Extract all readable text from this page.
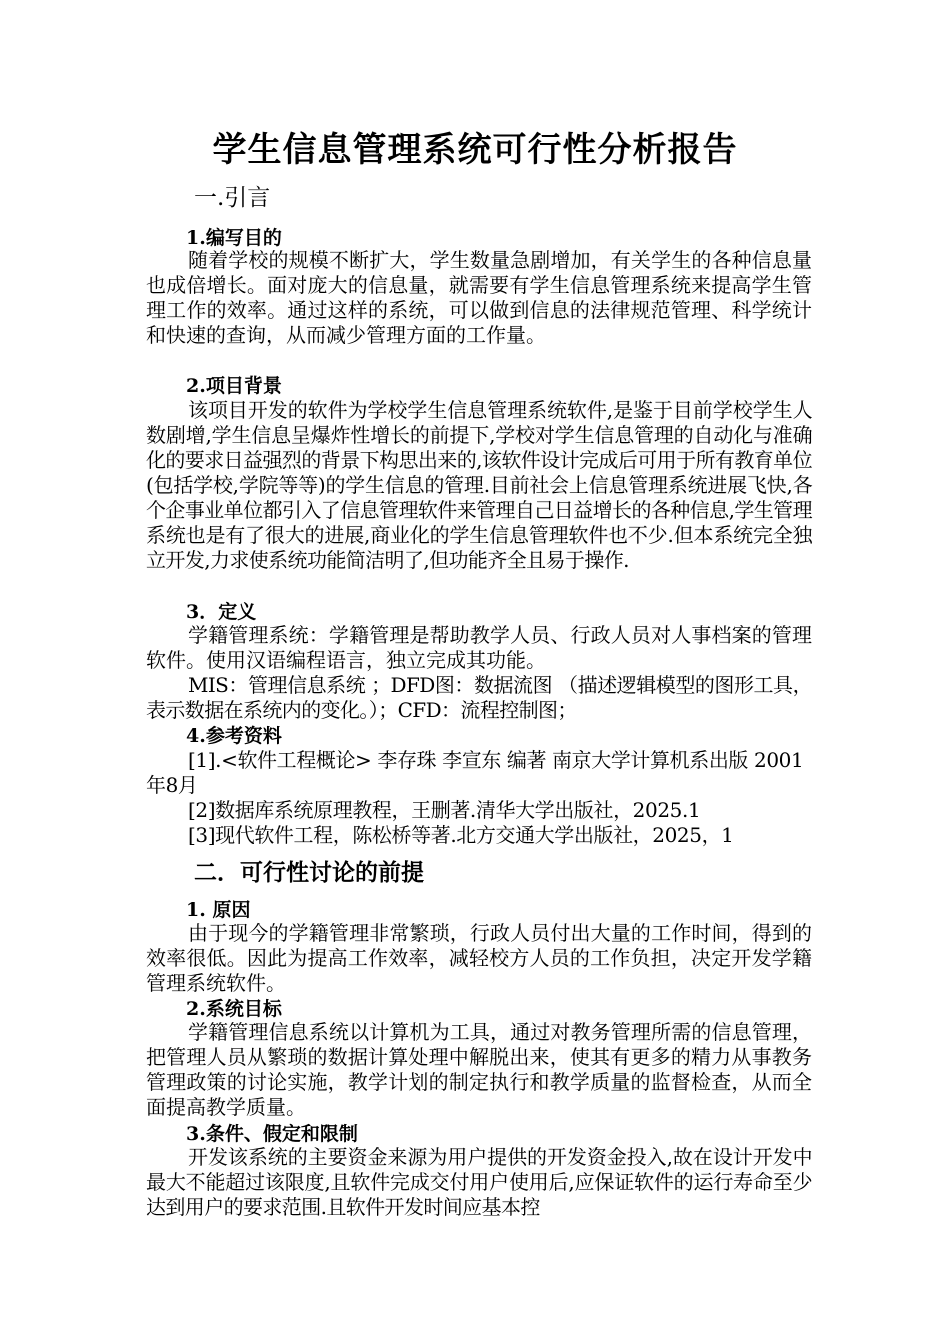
学生信息管理系统可行性分析报告
一.引言
1.编写目的

随着学校的规模不断扩大，学生数量急剧增加，有关学生的各种信息量也成倍增长。面对庞大的信息量，就需要有学生信息管理系统来提高学生管理工作的效率。通过这样的系统，可以做到信息的法律规范管理、科学统计和快速的查询，从而减少管理方面的工作量。

2.项目背景

该项目开发的软件为学校学生信息管理系统软件,是鉴于目前学校学生人数剧增,学生信息呈爆炸性增长的前提下,学校对学生信息管理的自动化与准确化的要求日益强烈的背景下构思出来的,该软件设计完成后可用于所有教育单位(包括学校,学院等等)的学生信息的管理.目前社会上信息管理系统进展飞快,各个企事业单位都引入了信息管理软件来管理自己日益增长的各种信息,学生管理系统也是有了很大的进展,商业化的学生信息管理软件也不少.但本系统完全独立开发,力求使系统功能简洁明了,但功能齐全且易于操作.

3．定义

学籍管理系统：学籍管理是帮助教学人员、行政人员对人事档案的管理软件。使用汉语编程语言，独立完成其功能。

MIS：管理信息系统 ；DFD图：数据流图 （描述逻辑模型的图形工具， 表示数据在系统内的变化。）；CFD：流程控制图；

4.参考资料

[1].<软件工程概论> 李存珠 李宣东 编著 南京大学计算机系出版 2001年8月

[2]数据库系统原理教程，王删著.清华大学出版社，2025.1

[3]现代软件工程，陈松桥等著.北方交通大学出版社，2025，1

二．可行性讨论的前提
1. 原因

由于现今的学籍管理非常繁琐，行政人员付出大量的工作时间，得到的效率很低。因此为提高工作效率，减轻校方人员的工作负担，决定开发学籍管理系统软件。

2.系统目标

学籍管理信息系统以计算机为工具，通过对教务管理所需的信息管理，把管理人员从繁琐的数据计算处理中解脱出来，使其有更多的精力从事教务管理政策的讨论实施，教学计划的制定执行和教学质量的监督检查，从而全面提高教学质量。

3.条件、假定和限制

开发该系统的主要资金来源为用户提供的开发资金投入,故在设计开发中最大不能超过该限度,且软件完成交付用户使用后,应保证软件的运行寿命至少达到用户的要求范围.且软件开发时间应基本控
